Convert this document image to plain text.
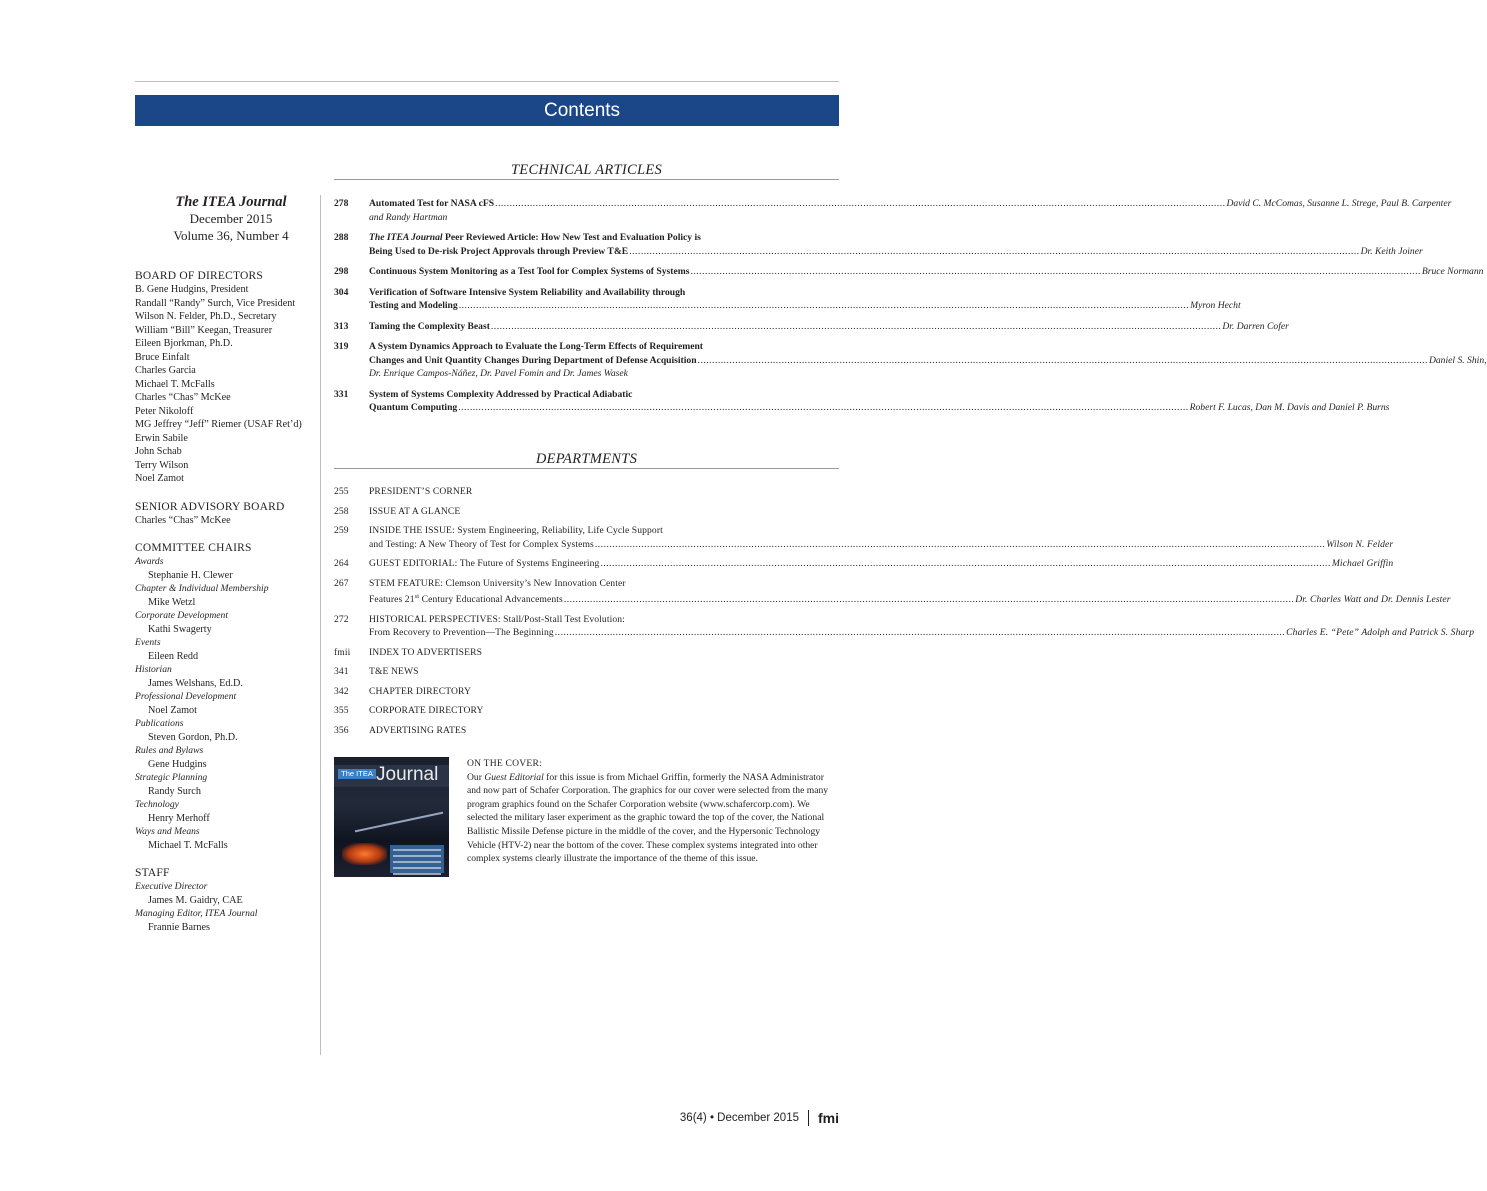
Contents
TECHNICAL ARTICLES
The ITEA Journal
December 2015
Volume 36, Number 4
BOARD OF DIRECTORS
B. Gene Hudgins, President
Randall “Randy” Surch, Vice President
Wilson N. Felder, Ph.D., Secretary
William “Bill” Keegan, Treasurer
Eileen Bjorkman, Ph.D.
Bruce Einfalt
Charles Garcia
Michael T. McFalls
Charles “Chas” McKee
Peter Nikoloff
MG Jeffrey “Jeff” Riemer (USAF Ret’d)
Erwin Sabile
John Schab
Terry Wilson
Noel Zamot
SENIOR ADVISORY BOARD
Charles “Chas” McKee
COMMITTEE CHAIRS
Awards
Stephanie H. Clewer
Chapter & Individual Membership
Mike Wetzl
Corporate Development
Kathi Swagerty
Events
Eileen Redd
Historian
James Welshans, Ed.D.
Professional Development
Noel Zamot
Publications
Steven Gordon, Ph.D.
Rules and Bylaws
Gene Hudgins
Strategic Planning
Randy Surch
Technology
Henry Merhoff
Ways and Means
Michael T. McFalls
STAFF
Executive Director
James M. Gaidry, CAE
Managing Editor, ITEA Journal
Frannie Barnes
278	Automated Test for NASA cFS .....	David C. McComas, Susanne L. Strege, Paul B. Carpenter
and Randy Hartman
288	The ITEA Journal Peer Reviewed Article: How New Test and Evaluation Policy is
Being Used to De-risk Project Approvals through Preview T&E .....	Dr. Keith Joiner
298	Continuous System Monitoring as a Test Tool for Complex Systems of Systems .....	Bruce Normann
304	Verification of Software Intensive System Reliability and Availability through
Testing and Modeling .....	Myron Hecht
313	Taming the Complexity Beast .....	Dr. Darren Cofer
319	A System Dynamics Approach to Evaluate the Long-Term Effects of Requirement
Changes and Unit Quantity Changes During Department of Defense Acquisition .....	Daniel S. Shin,
Dr. Enrique Campos-Náñez, Dr. Pavel Fomin and Dr. James Wasek
331	System of Systems Complexity Addressed by Practical Adiabatic
Quantum Computing .....	Robert F. Lucas, Dan M. Davis and Daniel P. Burns
DEPARTMENTS
255	PRESIDENT’S CORNER
258	ISSUE AT A GLANCE
259	INSIDE THE ISSUE: System Engineering, Reliability, Life Cycle Support
and Testing: A New Theory of Test for Complex Systems .....	Wilson N. Felder
264	GUEST EDITORIAL: The Future of Systems Engineering .....	Michael Griffin
267	STEM FEATURE: Clemson University’s New Innovation Center
Features 21st Century Educational Advancements .....	Dr. Charles Watt and Dr. Dennis Lester
272	HISTORICAL PERSPECTIVES: Stall/Post-Stall Test Evolution:
From Recovery to Prevention—The Beginning .....	Charles E. “Pete” Adolph and Patrick S. Sharp
fmii	INDEX TO ADVERTISERS
341	T&E NEWS
342	CHAPTER DIRECTORY
355	CORPORATE DIRECTORY
356	ADVERTISING RATES
The ITEA Journal
ON THE COVER:
Our Guest Editorial for this issue is from Michael Griffin, formerly the NASA Administrator and now part of Schafer Corporation. The graphics for our cover were selected from the many program graphics found on the Schafer Corporation website (www.schafercorp.com). We selected the military laser experiment as the graphic toward the top of the cover, the National Ballistic Missile Defense picture in the middle of the cover, and the Hypersonic Technology Vehicle (HTV-2) near the bottom of the cover. These complex systems integrated into other complex systems clearly illustrate the importance of the theme of this issue.
36(4) • December 2015 fmi
